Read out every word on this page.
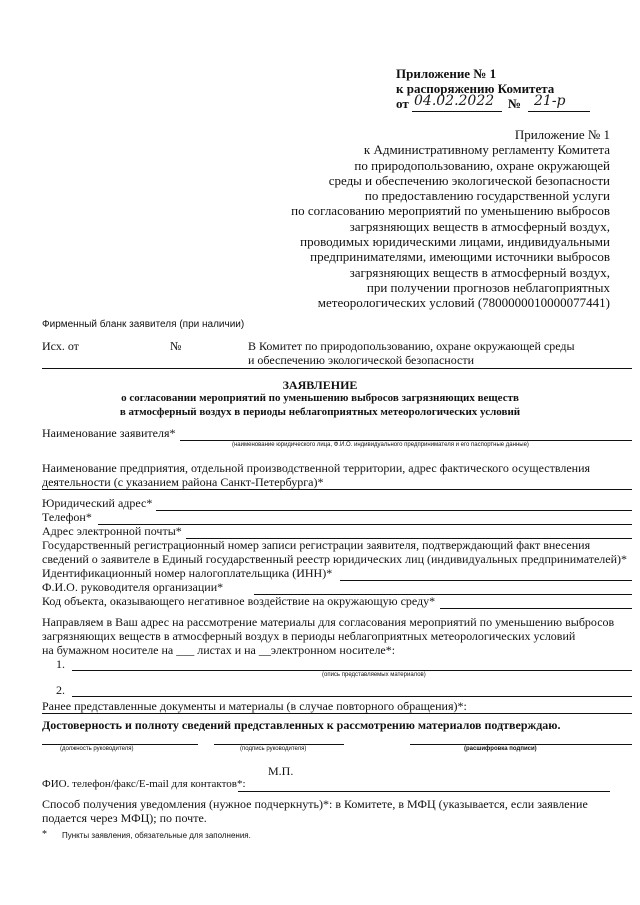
Приложение № 1
к распоряжению Комитета
от 04.02.2022 № 21-р
Приложение № 1
к Административному регламенту Комитета
по природопользованию, охране окружающей
среды и обеспечению экологической безопасности
по предоставлению государственной услуги
по согласованию мероприятий по уменьшению выбросов
загрязняющих веществ в атмосферный воздух,
проводимых юридическими лицами, индивидуальными
предпринимателями, имеющими источники выбросов
загрязняющих веществ в атмосферный воздух,
при получении прогнозов неблагоприятных
метеорологических условий (7800000010000077441)
Фирменный бланк заявителя (при наличии)
Исх. от	№	В Комитет по природопользованию, охране окружающей среды
и обеспечению экологической безопасности
ЗАЯВЛЕНИЕ
о согласовании мероприятий по уменьшению выбросов загрязняющих веществ
в атмосферный воздух в периоды неблагоприятных метеорологических условий
Наименование заявителя*
(наименование юридического лица, Ф.И.О. индивидуального предпринимателя и его паспортные данные)
Наименование предприятия, отдельной производственной территории, адрес фактического осуществления
деятельности (с указанием района Санкт-Петербурга)*
Юридический адрес*
Телефон*
Адрес электронной почты*
Государственный регистрационный номер записи регистрации заявителя, подтверждающий факт внесения
сведений о заявителе в Единый государственный реестр юридических лиц (индивидуальных предпринимателей)*
Идентификационный номер налогоплательщика (ИНН)*
Ф.И.О. руководителя организации*
Код объекта, оказывающего негативное воздействие на окружающую среду*
Направляем в Ваш адрес на рассмотрение материалы для согласования мероприятий по уменьшению выбросов
загрязняющих веществ в атмосферный воздух в периоды неблагоприятных метеорологических условий
на бумажном носителе на ___ листах и на __электронном носителе*:
1.
(опись представляемых материалов)
2.
Ранее представленные документы и материалы (в случае повторного обращения)*:
Достоверность и полноту сведений представленных к рассмотрению материалов подтверждаю.
(должность руководителя)	(подпись руководителя)	(расшифровка подписи)
М.П.
ФИО. телефон/факс/E-mail для контактов*:
Способ получения уведомления (нужное подчеркнуть)*: в Комитете, в МФЦ (указывается, если заявление
подается через МФЦ); по почте.
* Пункты заявления, обязательные для заполнения.
